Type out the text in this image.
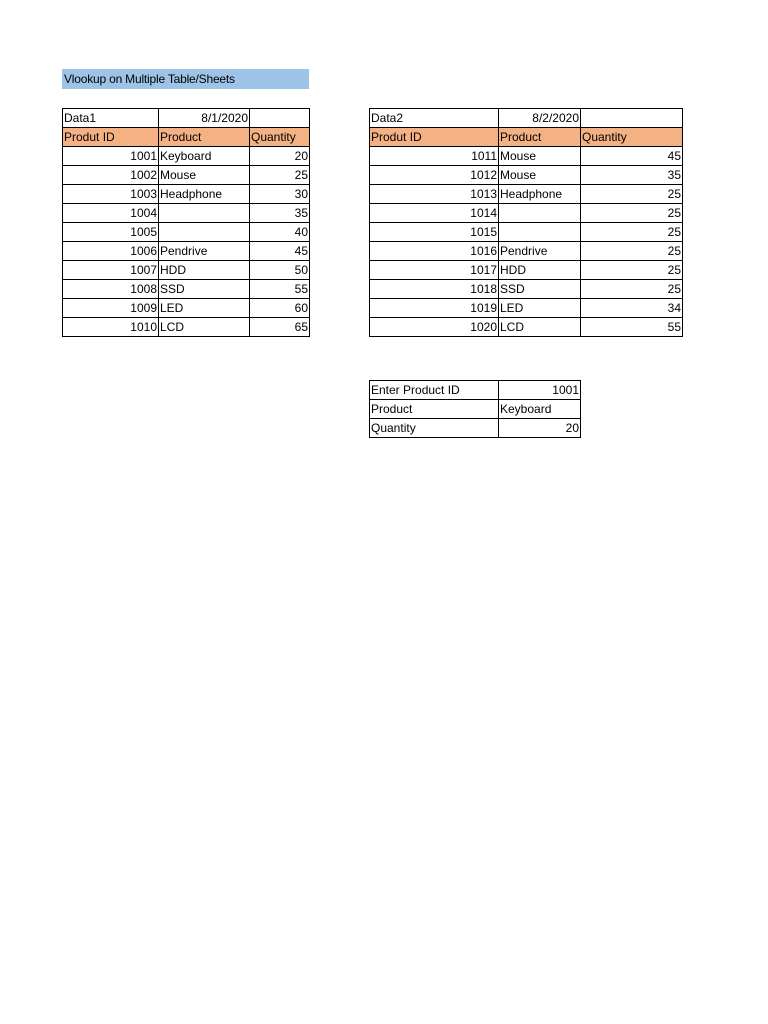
Vlookup on Multiple Table/Sheets
Data1	8/1/2020	
Produt ID	Product	Quantity
1001	Keyboard	20
1002	Mouse	25
1003	Headphone	30
1004		35
1005		40
1006	Pendrive	45
1007	HDD	50
1008	SSD	55
1009	LED	60
1010	LCD	65
Data2	8/2/2020	
Produt ID	Product	Quantity
1011	Mouse	45
1012	Mouse	35
1013	Headphone	25
1014		25
1015		25
1016	Pendrive	25
1017	HDD	25
1018	SSD	25
1019	LED	34
1020	LCD	55
Enter Product ID	1001
Product	Keyboard
Quantity	20
